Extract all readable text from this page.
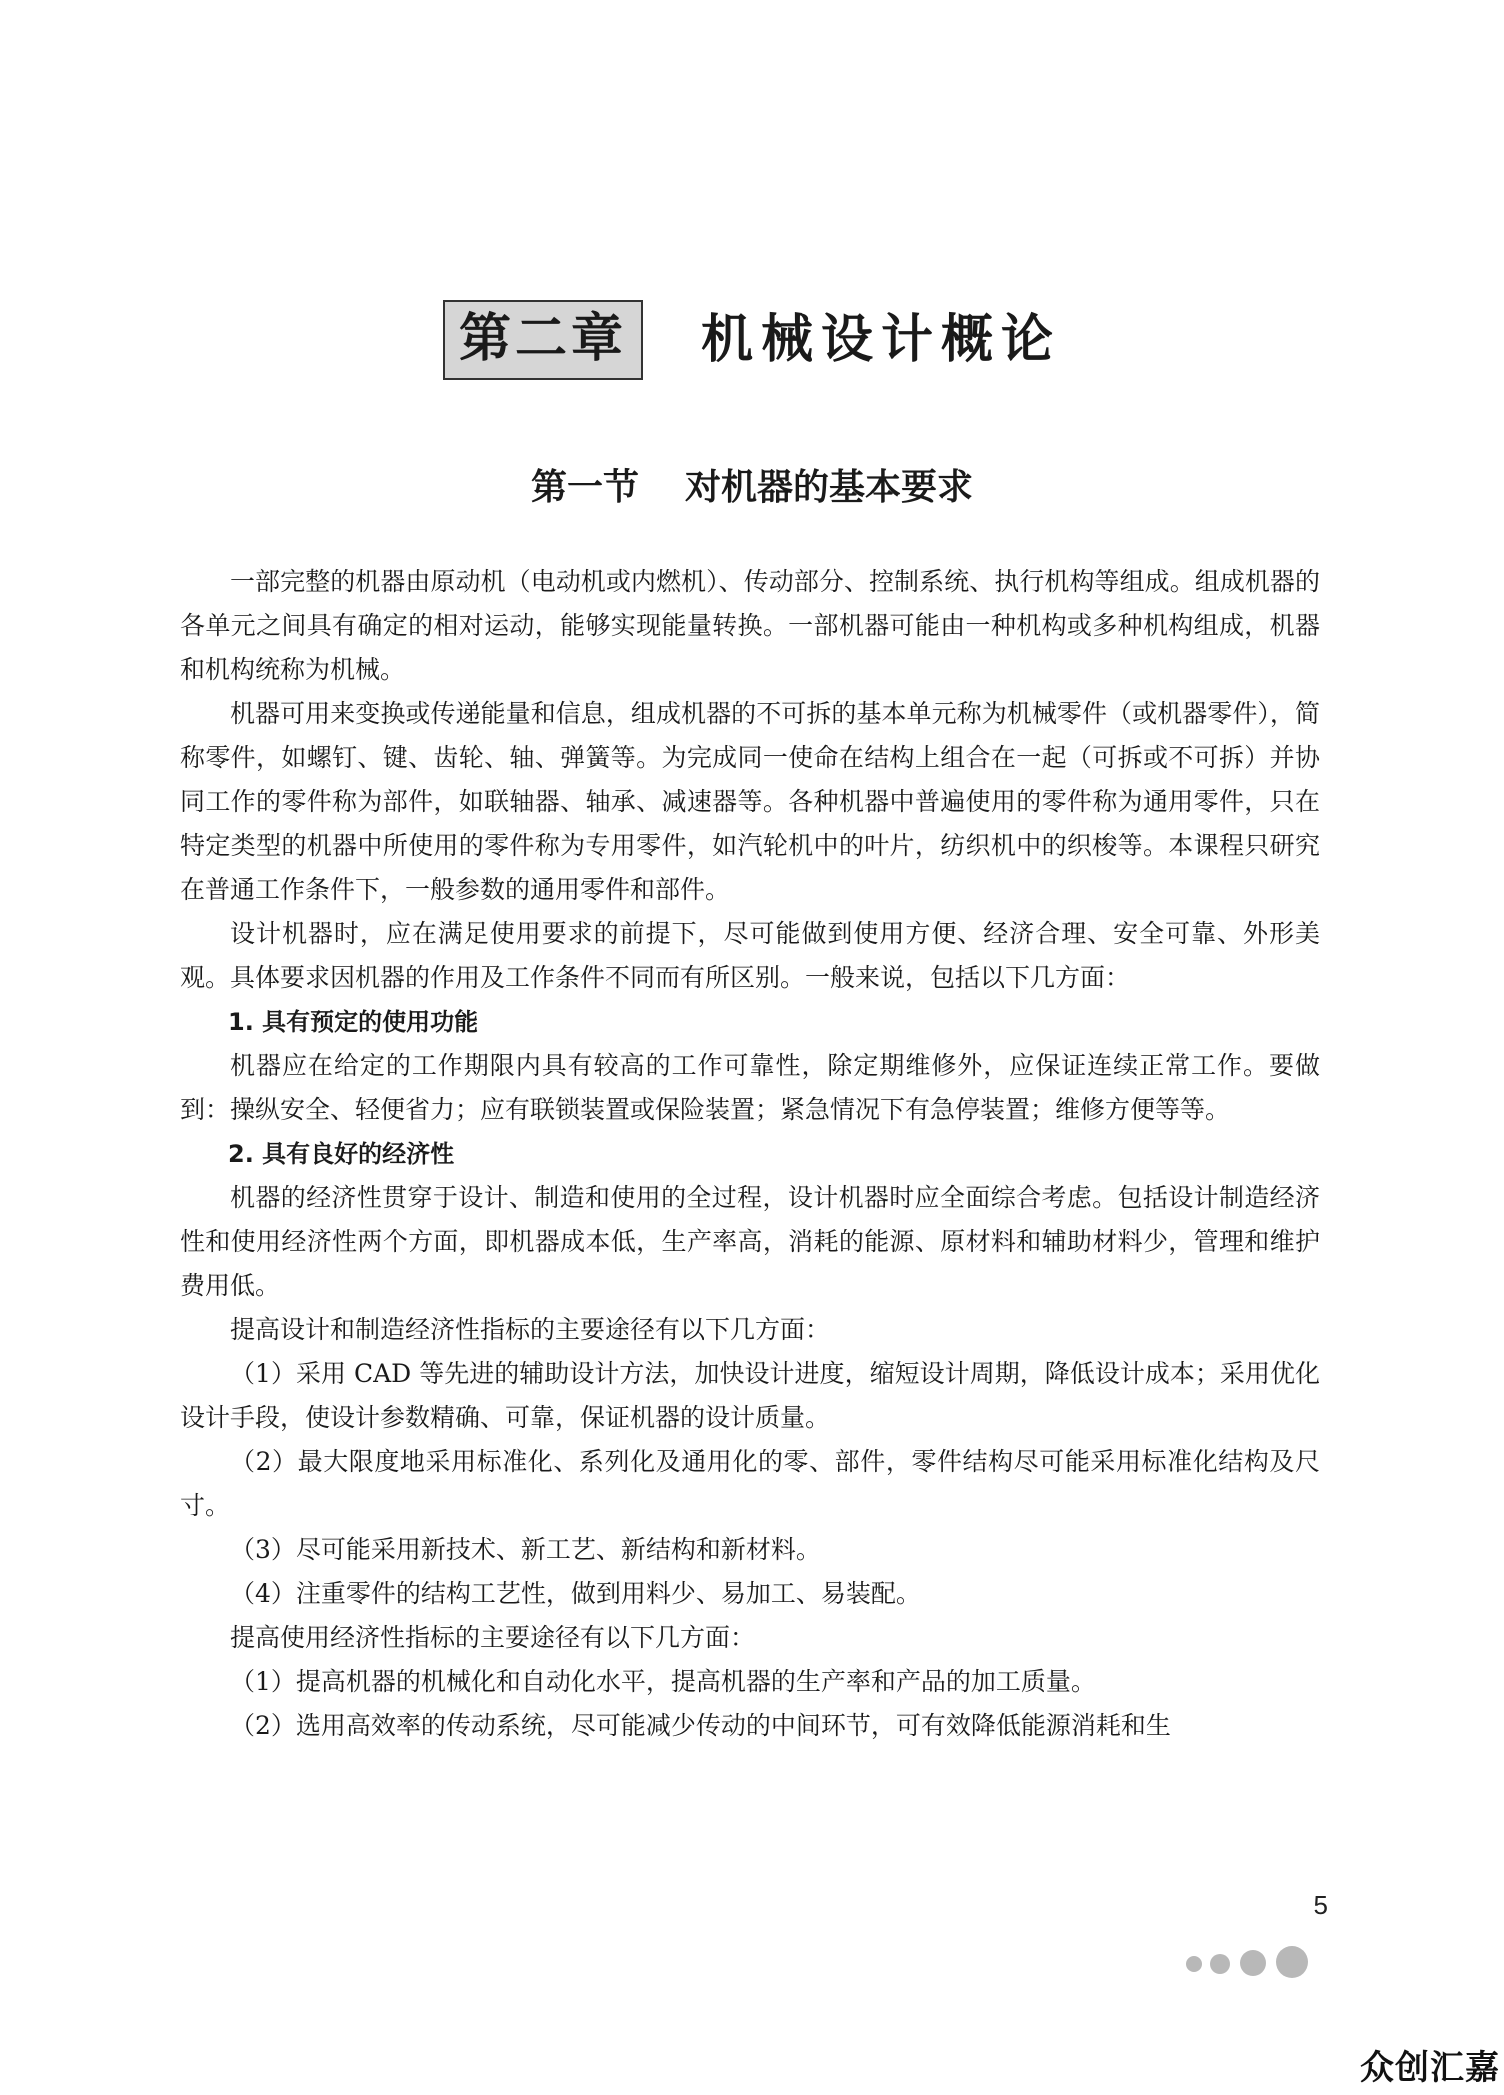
第二章 机械设计概论
第一节 对机器的基本要求

一部完整的机器由原动机（电动机或内燃机）、传动部分、控制系统、执行机构等组成。组成机器的各单元之间具有确定的相对运动，能够实现能量转换。一部机器可能由一种机构或多种机构组成，机器和机构统称为机械。

机器可用来变换或传递能量和信息，组成机器的不可拆的基本单元称为机械零件（或机器零件），简称零件，如螺钉、键、齿轮、轴、弹簧等。为完成同一使命在结构上组合在一起（可拆或不可拆）并协同工作的零件称为部件，如联轴器、轴承、减速器等。各种机器中普遍使用的零件称为通用零件，只在特定类型的机器中所使用的零件称为专用零件，如汽轮机中的叶片，纺织机中的织梭等。本课程只研究在普通工作条件下，一般参数的通用零件和部件。

设计机器时，应在满足使用要求的前提下，尽可能做到使用方便、经济合理、安全可靠、外形美观。具体要求因机器的作用及工作条件不同而有所区别。一般来说，包括以下几方面：

1. 具有预定的使用功能

机器应在给定的工作期限内具有较高的工作可靠性，除定期维修外，应保证连续正常工作。要做到：操纵安全、轻便省力；应有联锁装置或保险装置；紧急情况下有急停装置；维修方便等等。

2. 具有良好的经济性

机器的经济性贯穿于设计、制造和使用的全过程，设计机器时应全面综合考虑。包括设计制造经济性和使用经济性两个方面，即机器成本低，生产率高，消耗的能源、原材料和辅助材料少，管理和维护费用低。

提高设计和制造经济性指标的主要途径有以下几方面：

（1）采用 CAD 等先进的辅助设计方法，加快设计进度，缩短设计周期，降低设计成本；采用优化设计手段，使设计参数精确、可靠，保证机器的设计质量。

（2）最大限度地采用标准化、系列化及通用化的零、部件，零件结构尽可能采用标准化结构及尺寸。

（3）尽可能采用新技术、新工艺、新结构和新材料。

（4）注重零件的结构工艺性，做到用料少、易加工、易装配。

提高使用经济性指标的主要途径有以下几方面：

（1）提高机器的机械化和自动化水平，提高机器的生产率和产品的加工质量。

（2）选用高效率的传动系统，尽可能减少传动的中间环节，可有效降低能源消耗和生

5
众创汇嘉
